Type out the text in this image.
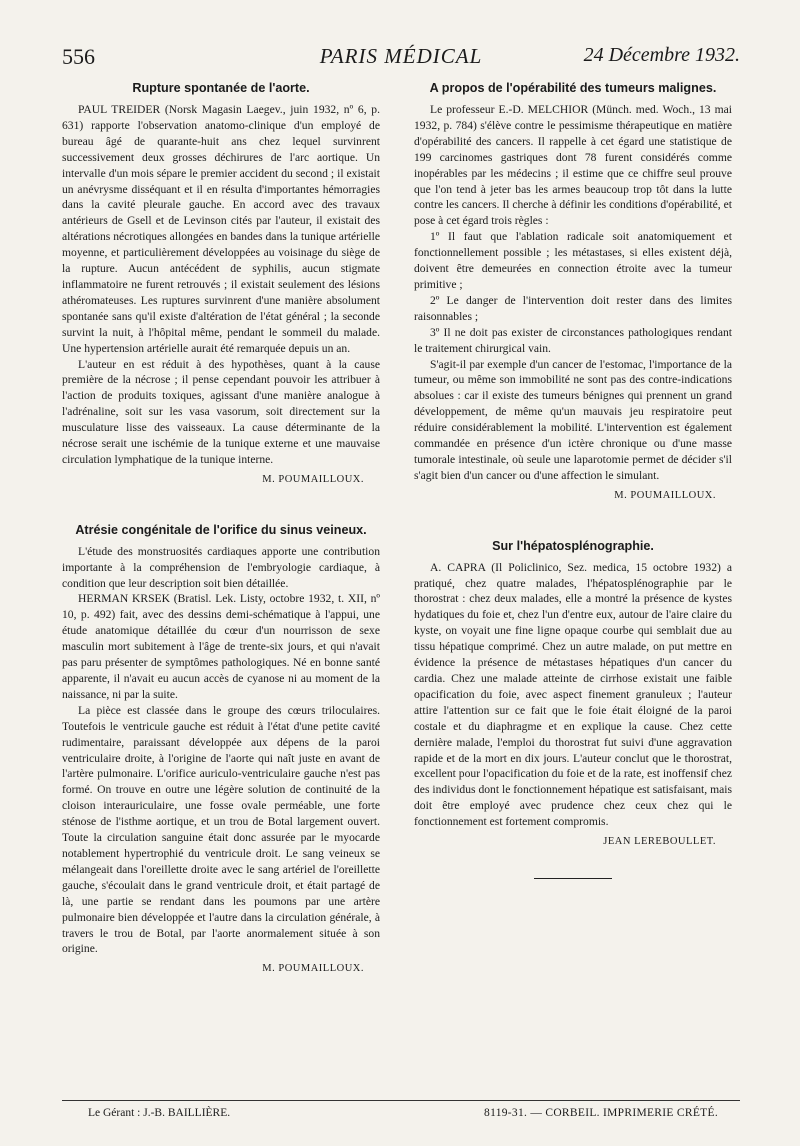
556	PARIS MÉDICAL	24 Décembre 1932.
Rupture spontanée de l'aorte.

PAUL TREIDER (Norsk Magasin Laegev., juin 1932, nº 6, p. 631) rapporte l'observation anatomo-clinique d'un employé de bureau âgé de quarante-huit ans chez lequel survinrent successivement deux grosses déchirures de l'arc aortique. Un intervalle d'un mois sépare le premier accident du second ; il existait un anévrysme disséquant et il en résulta d'importantes hémorragies dans la cavité pleurale gauche. En accord avec des travaux antérieurs de Gsell et de Levinson cités par l'auteur, il existait des altérations nécrotiques allongées en bandes dans la tunique artérielle moyenne, et particulièrement développées au voisinage du siège de la rupture. Aucun antécédent de syphilis, aucun stigmate inflammatoire ne furent retrouvés ; il existait seulement des lésions athéromateuses. Les ruptures survinrent d'une manière absolument spontanée sans qu'il existe d'altération de l'état général ; la seconde survint la nuit, à l'hôpital même, pendant le sommeil du malade. Une hypertension artérielle aurait été remarquée depuis un an.

L'auteur en est réduit à des hypothèses, quant à la cause première de la nécrose ; il pense cependant pouvoir les attribuer à l'action de produits toxiques, agissant d'une manière analogue à l'adrénaline, soit sur les vasa vasorum, soit directement sur la musculature lisse des vaisseaux. La cause déterminante de la nécrose serait une ischémie de la tunique externe et une mauvaise circulation lymphatique de la tunique interne.

M. POUMAILLOUX.
Atrésie congénitale de l'orifice du sinus veineux.

L'étude des monstruosités cardiaques apporte une contribution importante à la compréhension de l'embryologie cardiaque, à condition que leur description soit bien détaillée.

HERMAN KRSEK (Bratisl. Lek. Listy, octobre 1932, t. XII, nº 10, p. 492) fait, avec des dessins demi-schématique à l'appui, une étude anatomique détaillée du cœur d'un nourrisson de sexe masculin mort subitement à l'âge de trente-six jours, et qui n'avait pas paru présenter de symptômes pathologiques. Né en bonne santé apparente, il n'avait eu aucun accès de cyanose ni au moment de la naissance, ni par la suite.

La pièce est classée dans le groupe des cœurs triloculaires. Toutefois le ventricule gauche est réduit à l'état d'une petite cavité rudimentaire, paraissant développée aux dépens de la paroi ventriculaire droite, à l'origine de l'aorte qui naît juste en avant de l'artère pulmonaire. L'orifice auriculo-ventriculaire gauche n'est pas formé. On trouve en outre une légère solution de continuité de la cloison interauriculaire, une fosse ovale perméable, une forte sténose de l'isthme aortique, et un trou de Botal largement ouvert. Toute la circulation sanguine était donc assurée par le myocarde notablement hypertrophié du ventricule droit. Le sang veineux se mélangeait dans l'oreillette droite avec le sang artériel de l'oreillette gauche, s'écoulait dans le grand ventricule droit, et était partagé de là, une partie se rendant dans les poumons par une artère pulmonaire bien développée et l'autre dans la circulation générale, à travers le trou de Botal, par l'aorte anormalement située à son origine.

M. POUMAILLOUX.
A propos de l'opérabilité des tumeurs malignes.

Le professeur E.-D. MELCHIOR (Münch. med. Woch., 13 mai 1932, p. 784) s'élève contre le pessimisme thérapeutique en matière d'opérabilité des cancers. Il rappelle à cet égard une statistique de 199 carcinomes gastriques dont 78 furent considérés comme inopérables par les médecins ; il estime que ce chiffre seul prouve que l'on tend à jeter bas les armes beaucoup trop tôt dans la lutte contre les cancers. Il cherche à définir les conditions d'opérabilité, et pose à cet égard trois règles :

1º Il faut que l'ablation radicale soit anatomiquement et fonctionnellement possible ; les métastases, si elles existent déjà, doivent être demeurées en connection étroite avec la tumeur primitive ;

2º Le danger de l'intervention doit rester dans des limites raisonnables ;

3º Il ne doit pas exister de circonstances pathologiques rendant le traitement chirurgical vain.

S'agit-il par exemple d'un cancer de l'estomac, l'importance de la tumeur, ou même son immobilité ne sont pas des contre-indications absolues : car il existe des tumeurs bénignes qui prennent un grand développement, de même qu'un mauvais jeu respiratoire peut réduire considérablement la mobilité. L'intervention est également commandée en présence d'un ictère chronique ou d'une masse tumorale intestinale, où seule une laparotomie permet de décider s'il s'agit bien d'un cancer ou d'une affection le simulant.

M. POUMAILLOUX.
Sur l'hépatosplénographie.

A. CAPRA (Il Policlinico, Sez. medica, 15 octobre 1932) a pratiqué, chez quatre malades, l'hépatosplénographie par le thorostrat : chez deux malades, elle a montré la présence de kystes hydatiques du foie et, chez l'un d'entre eux, autour de l'aire claire du kyste, on voyait une fine ligne opaque courbe qui semblait due au tissu hépatique comprimé. Chez un autre malade, on put mettre en évidence la présence de métastases hépatiques d'un cancer du cardia. Chez une malade atteinte de cirrhose existait une faible opacification du foie, avec aspect finement granuleux ; l'auteur attire l'attention sur ce fait que le foie était éloigné de la paroi costale et du diaphragme et en explique la cause. Chez cette dernière malade, l'emploi du thorostrat fut suivi d'une aggravation rapide et de la mort en dix jours. L'auteur conclut que le thorostrat, excellent pour l'opacification du foie et de la rate, est inoffensif chez des individus dont le fonctionnement hépatique est satisfaisant, mais doit être employé avec prudence chez ceux chez qui le fonctionnement est fortement compromis.

JEAN LEREBOULLET.
Le Gérant : J.-B. BAILLIÈRE.	8119-31. — CORBEIL. IMPRIMERIE CRÉTÉ.
